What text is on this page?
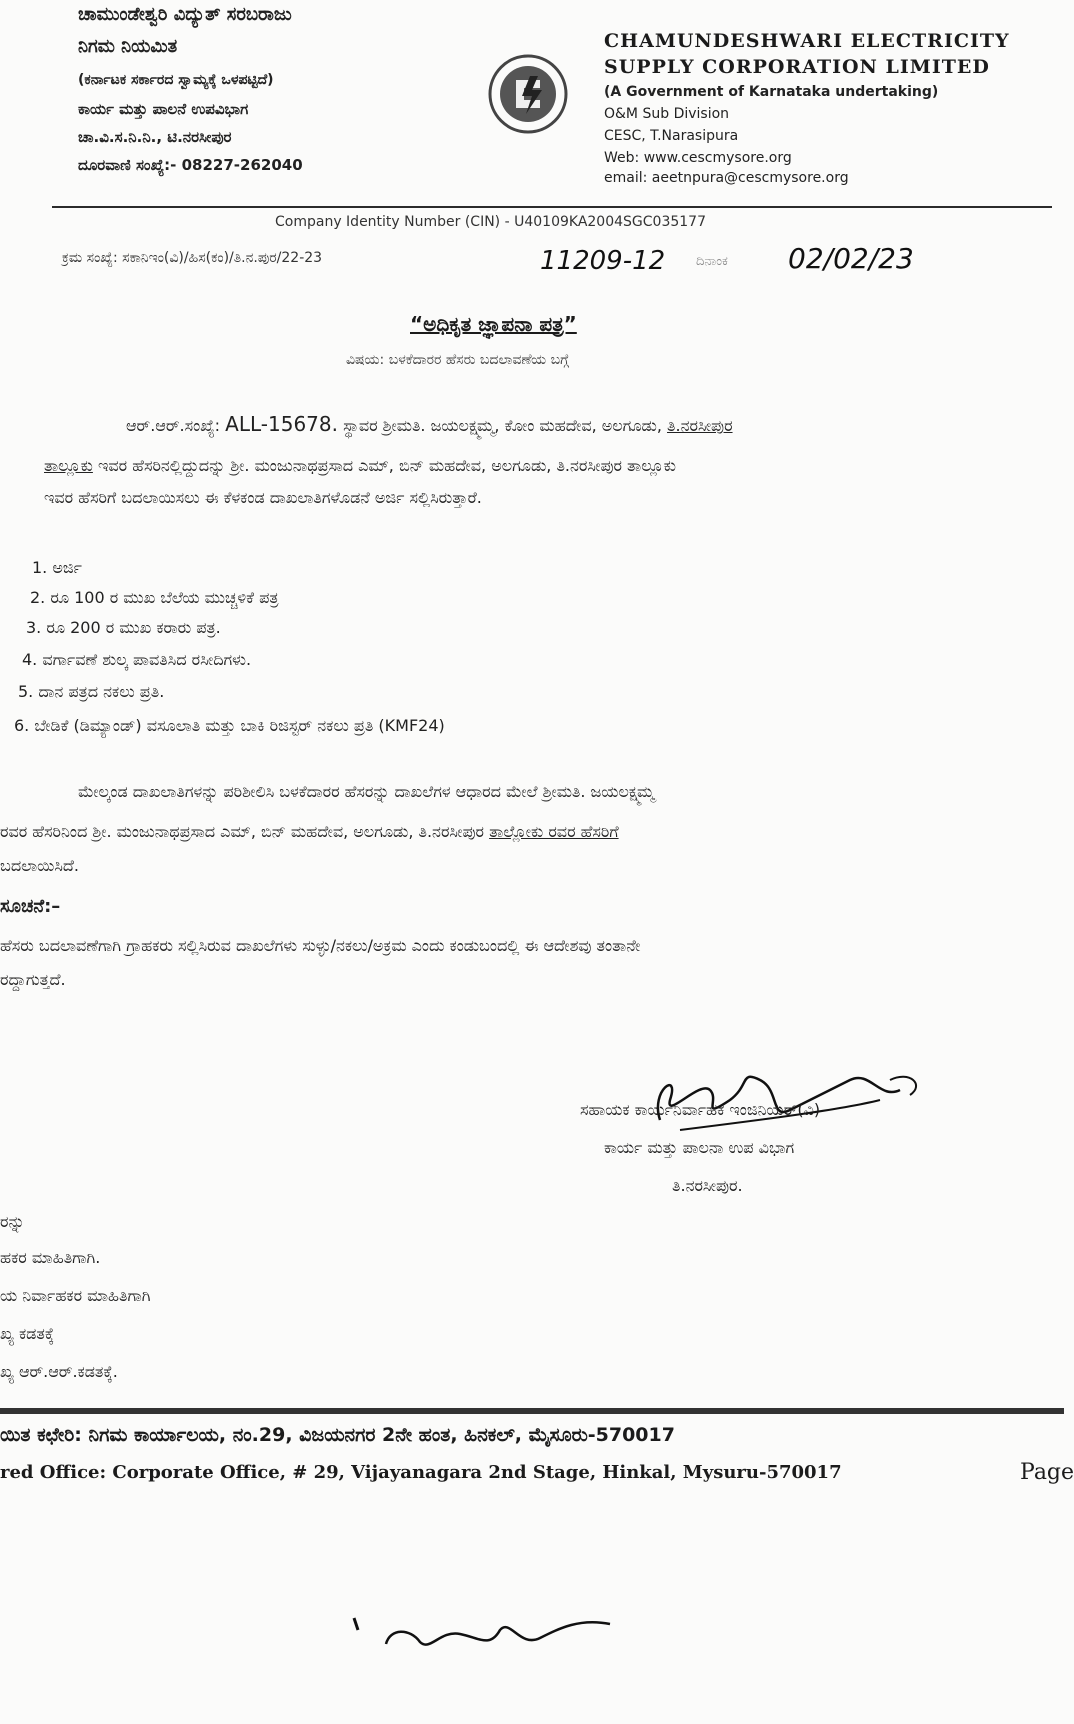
ಚಾಮುಂಡೇಶ್ವರಿ ವಿದ್ಯುತ್ ಸರಬರಾಜು
ನಿಗಮ ನಿಯಮಿತ
(ಕರ್ನಾಟಕ ಸರ್ಕಾರದ ಸ್ವಾಮ್ಯಕ್ಕೆ ಒಳಪಟ್ಟಿದೆ)
ಕಾರ್ಯ ಮತ್ತು ಪಾಲನೆ ಉಪವಿಭಾಗ
ಚಾ.ವಿ.ಸ.ನಿ.ನಿ., ಟಿ.ನರಸೀಪುರ
ದೂರವಾಣಿ ಸಂಖ್ಯೆ:- 08227-262040
CHAMUNDESHWARI ELECTRICITY
SUPPLY CORPORATION LIMITED
(A Government of Karnataka undertaking)
O&M Sub Division
CESC, T.Narasipura
Web: www.cescmysore.org
email: aeetnpura@cescmysore.org
Company Identity Number (CIN) - U40109KA2004SGC035177
ಕ್ರಮ ಸಂಖ್ಯೆ: ಸಕಾನಿಇಂ(ವಿ)/ಹಿಸ(ಕಂ)/ತಿ.ನ.ಪುರ/22-23	11209-12 ದಿನಾಂಕ 02/02/23
“ಅಧಿಕೃತ ಜ್ಞಾಪನಾ ಪತ್ರ”
ವಿಷಯ: ಬಳಕೆದಾರರ ಹೆಸರು ಬದಲಾವಣೆಯ ಬಗ್ಗೆ
ಆರ್.ಆರ್.ಸಂಖ್ಯೆ: ALL-15678. ಸ್ಥಾವರ ಶ್ರೀಮತಿ. ಜಯಲಕ್ಷ್ಮಮ್ಮ, ಕೋಂ ಮಹದೇವ, ಅಲಗೂಡು, ತಿ.ನರಸೀಪುರ
ತಾಲ್ಲೂಕು ಇವರ ಹೆಸರಿನಲ್ಲಿದ್ದುದನ್ನು ಶ್ರೀ. ಮಂಜುನಾಥಪ್ರಸಾದ ಎಮ್, ಬಿನ್ ಮಹದೇವ, ಅಲಗೂಡು, ತಿ.ನರಸೀಪುರ ತಾಲ್ಲೂಕು
ಇವರ ಹೆಸರಿಗೆ ಬದಲಾಯಿಸಲು ಈ ಕೆಳಕಂಡ ದಾಖಲಾತಿಗಳೊಡನೆ ಅರ್ಜಿ ಸಲ್ಲಿಸಿರುತ್ತಾರೆ.
1. ಅರ್ಜಿ
2. ರೂ 100 ರ ಮುಖ ಬೆಲೆಯ ಮುಚ್ಚಳಿಕೆ ಪತ್ರ
3. ರೂ 200 ರ ಮುಖ ಕರಾರು ಪತ್ರ.
4. ವರ್ಗಾವಣೆ ಶುಲ್ಕ ಪಾವತಿಸಿದ ರಸೀದಿಗಳು.
5. ದಾನ ಪತ್ರದ ನಕಲು ಪ್ರತಿ.
6. ಬೇಡಿಕೆ (ಡಿಮ್ಯಾಂಡ್) ವಸೂಲಾತಿ ಮತ್ತು ಬಾಕಿ ರಿಜಿಸ್ಟರ್ ನಕಲು ಪ್ರತಿ (KMF24)
ಮೇಲ್ಕಂಡ ದಾಖಲಾತಿಗಳನ್ನು ಪರಿಶೀಲಿಸಿ ಬಳಕೆದಾರರ ಹೆಸರನ್ನು ದಾಖಲೆಗಳ ಆಧಾರದ ಮೇಲೆ ಶ್ರೀಮತಿ. ಜಯಲಕ್ಷ್ಮಮ್ಮ
ರವರ ಹೆಸರಿನಿಂದ ಶ್ರೀ. ಮಂಜುನಾಥಪ್ರಸಾದ ಎಮ್, ಬಿನ್ ಮಹದೇವ, ಅಲಗೂಡು, ತಿ.ನರಸೀಪುರ ತಾಲ್ಲೋಕು ರವರ ಹೆಸರಿಗೆ
ಬದಲಾಯಿಸಿದೆ.
ಸೂಚನೆ:–
ಹೆಸರು ಬದಲಾವಣೆಗಾಗಿ ಗ್ರಾಹಕರು ಸಲ್ಲಿಸಿರುವ ದಾಖಲೆಗಳು ಸುಳ್ಳು/ನಕಲು/ಅಕ್ರಮ ಎಂದು ಕಂಡುಬಂದಲ್ಲಿ ಈ ಆದೇಶವು ತಂತಾನೇ
ರದ್ದಾಗುತ್ತದೆ.
ಸಹಾಯಕ ಕಾರ್ಯನಿರ್ವಾಹಕ ಇಂಜಿನಿಯರ್(ವಿ)
ಕಾರ್ಯ ಮತ್ತು ಪಾಲನಾ ಉಪ ವಿಭಾಗ
ತಿ.ನರಸೀಪುರ.
ರನ್ನು
ಹಕರ ಮಾಹಿತಿಗಾಗಿ.
ಯ ನಿರ್ವಾಹಕರ ಮಾಹಿತಿಗಾಗಿ
ಖ್ಯ ಕಡತಕ್ಕೆ
ಖ್ಯ ಆರ್.ಆರ್.ಕಡತಕ್ಕೆ.
ಯಿತ ಕಛೇರಿ: ನಿಗಮ ಕಾರ್ಯಾಲಯ, ನಂ.29, ವಿಜಯನಗರ 2ನೇ ಹಂತ, ಹಿನಕಲ್, ಮೈಸೂರು-570017
red Office: Corporate Office, # 29, Vijayanagara 2nd Stage, Hinkal, Mysuru-570017	Page
